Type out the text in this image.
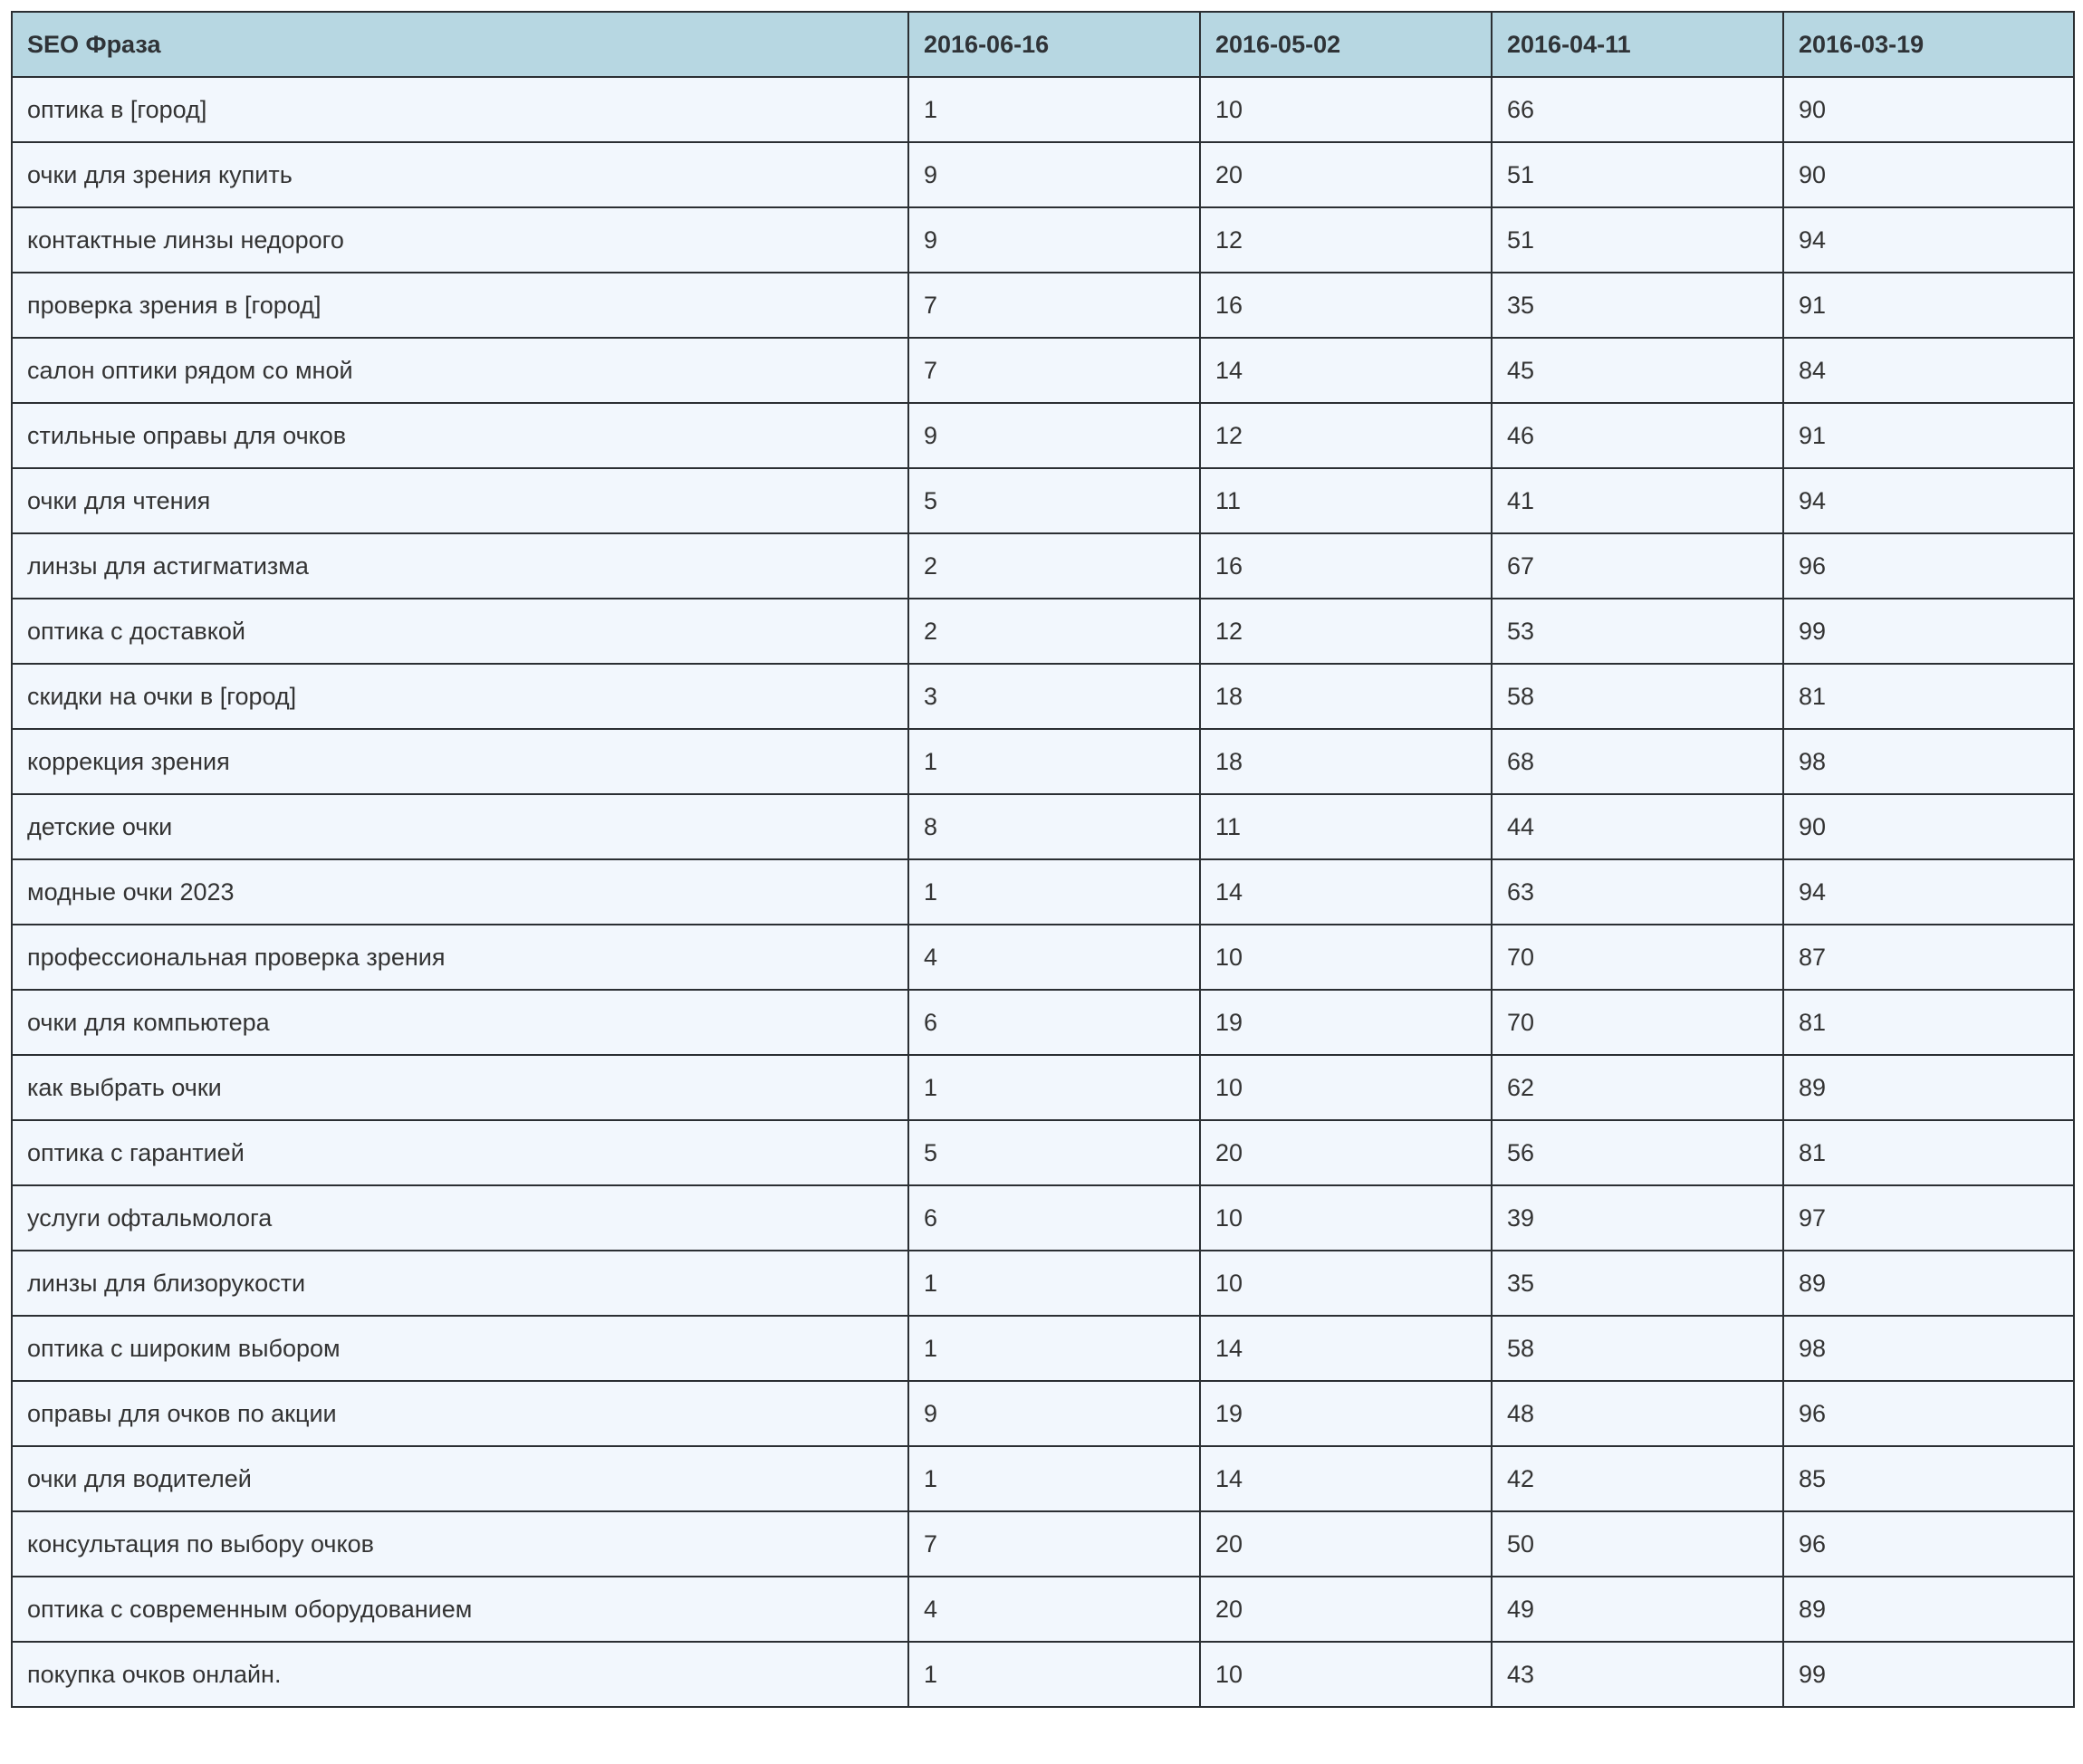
SEO Фраза	2016-06-16	2016-05-02	2016-04-11	2016-03-19
оптика в [город]	1	10	66	90
очки для зрения купить	9	20	51	90
контактные линзы недорого	9	12	51	94
проверка зрения в [город]	7	16	35	91
салон оптики рядом со мной	7	14	45	84
стильные оправы для очков	9	12	46	91
очки для чтения	5	11	41	94
линзы для астигматизма	2	16	67	96
оптика с доставкой	2	12	53	99
скидки на очки в [город]	3	18	58	81
коррекция зрения	1	18	68	98
детские очки	8	11	44	90
модные очки 2023	1	14	63	94
профессиональная проверка зрения	4	10	70	87
очки для компьютера	6	19	70	81
как выбрать очки	1	10	62	89
оптика с гарантией	5	20	56	81
услуги офтальмолога	6	10	39	97
линзы для близорукости	1	10	35	89
оптика с широким выбором	1	14	58	98
оправы для очков по акции	9	19	48	96
очки для водителей	1	14	42	85
консультация по выбору очков	7	20	50	96
оптика с современным оборудованием	4	20	49	89
покупка очков онлайн.	1	10	43	99
